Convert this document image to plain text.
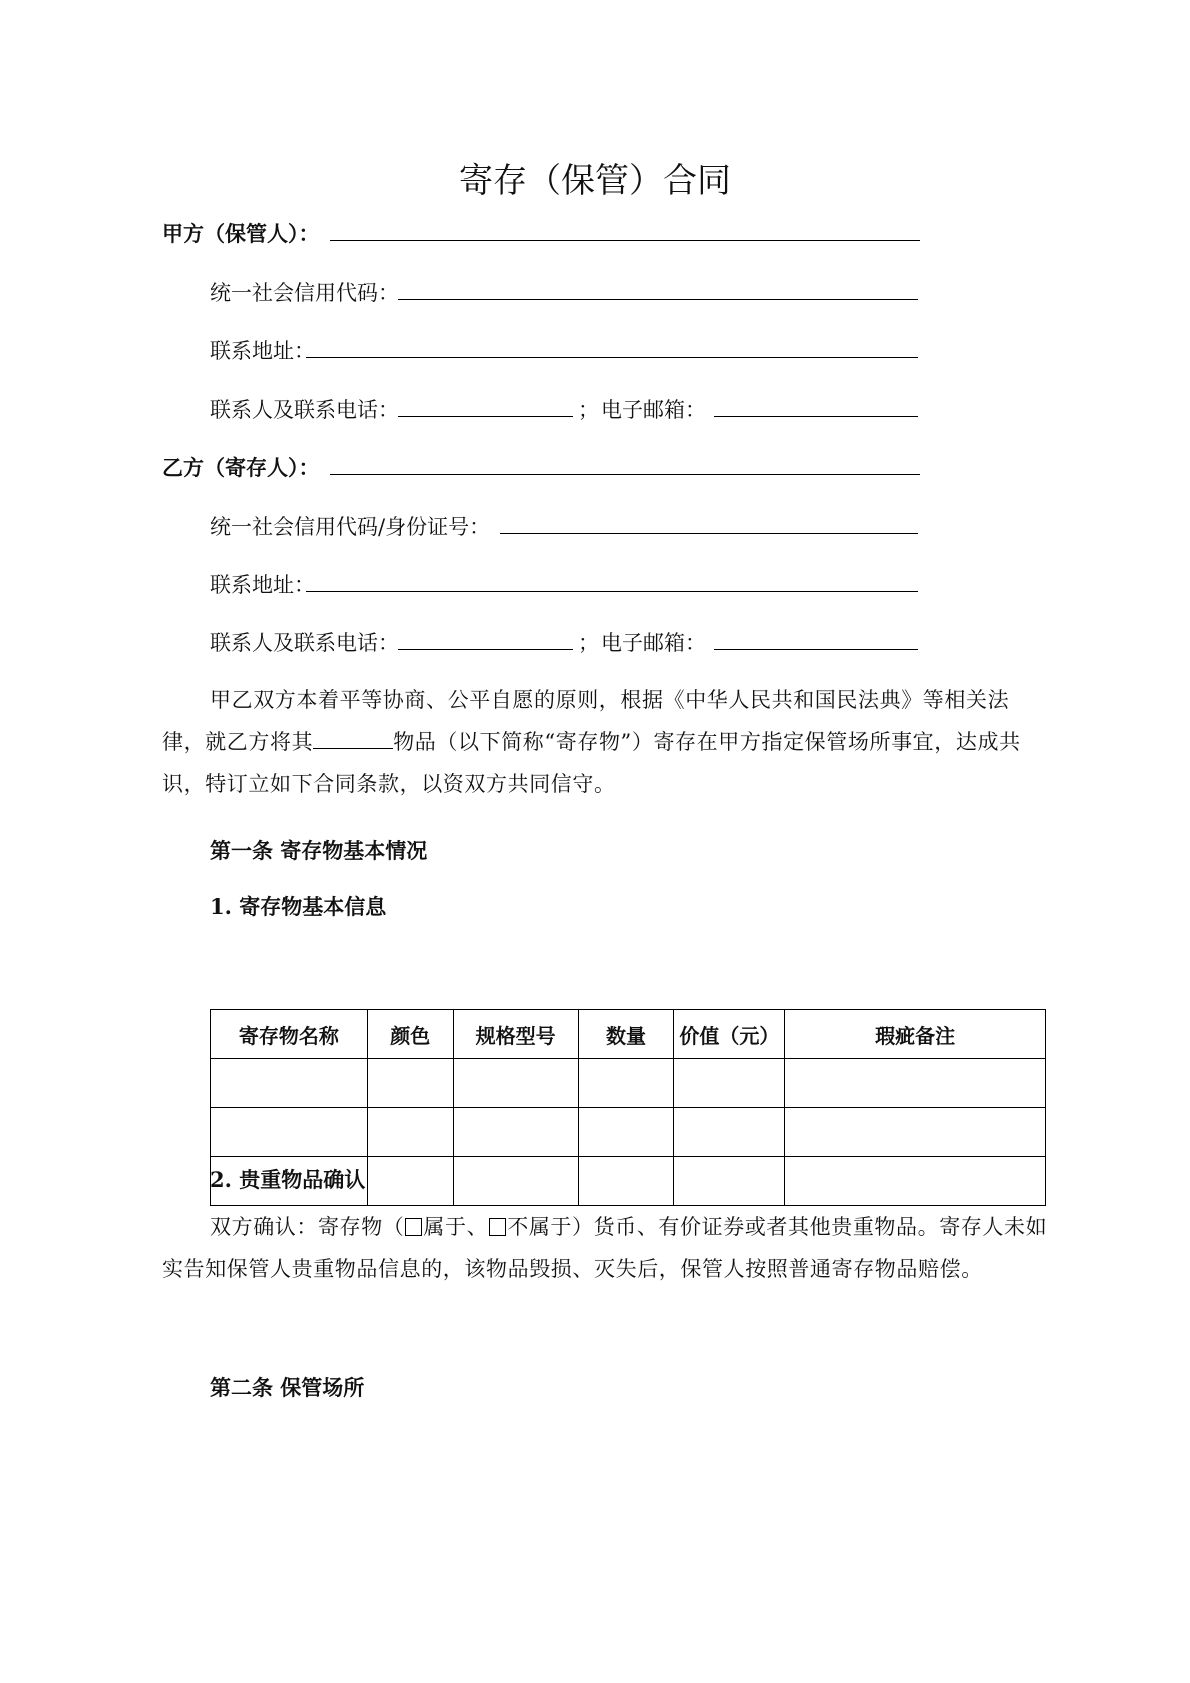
寄存（保管）合同
甲方（保管人）：
统一社会信用代码：
联系地址：
联系人及联系电话：	； 电子邮箱：
乙方（寄存人）：
统一社会信用代码/身份证号：
联系地址：
联系人及联系电话：	； 电子邮箱：

甲乙双方本着平等协商、公平自愿的原则，根据《中华人民共和国民法典》等相关法律，就乙方将其	物品（以下简称“寄存物”）寄存在甲方指定保管场所事宜，达成共识，特订立如下合同条款，以资双方共同信守。

第一条 寄存物基本情况
1. 寄存物基本信息
寄存物名称	颜色	规格型号	数量	价值（元）	瑕疵备注

2. 贵重物品确认

双方确认：寄存物（ 属于、 不属于）货币、有价证券或者其他贵重物品。寄存人未如实告知保管人贵重物品信息的，该物品毁损、灭失后，保管人按照普通寄存物品赔偿。

第二条 保管场所
